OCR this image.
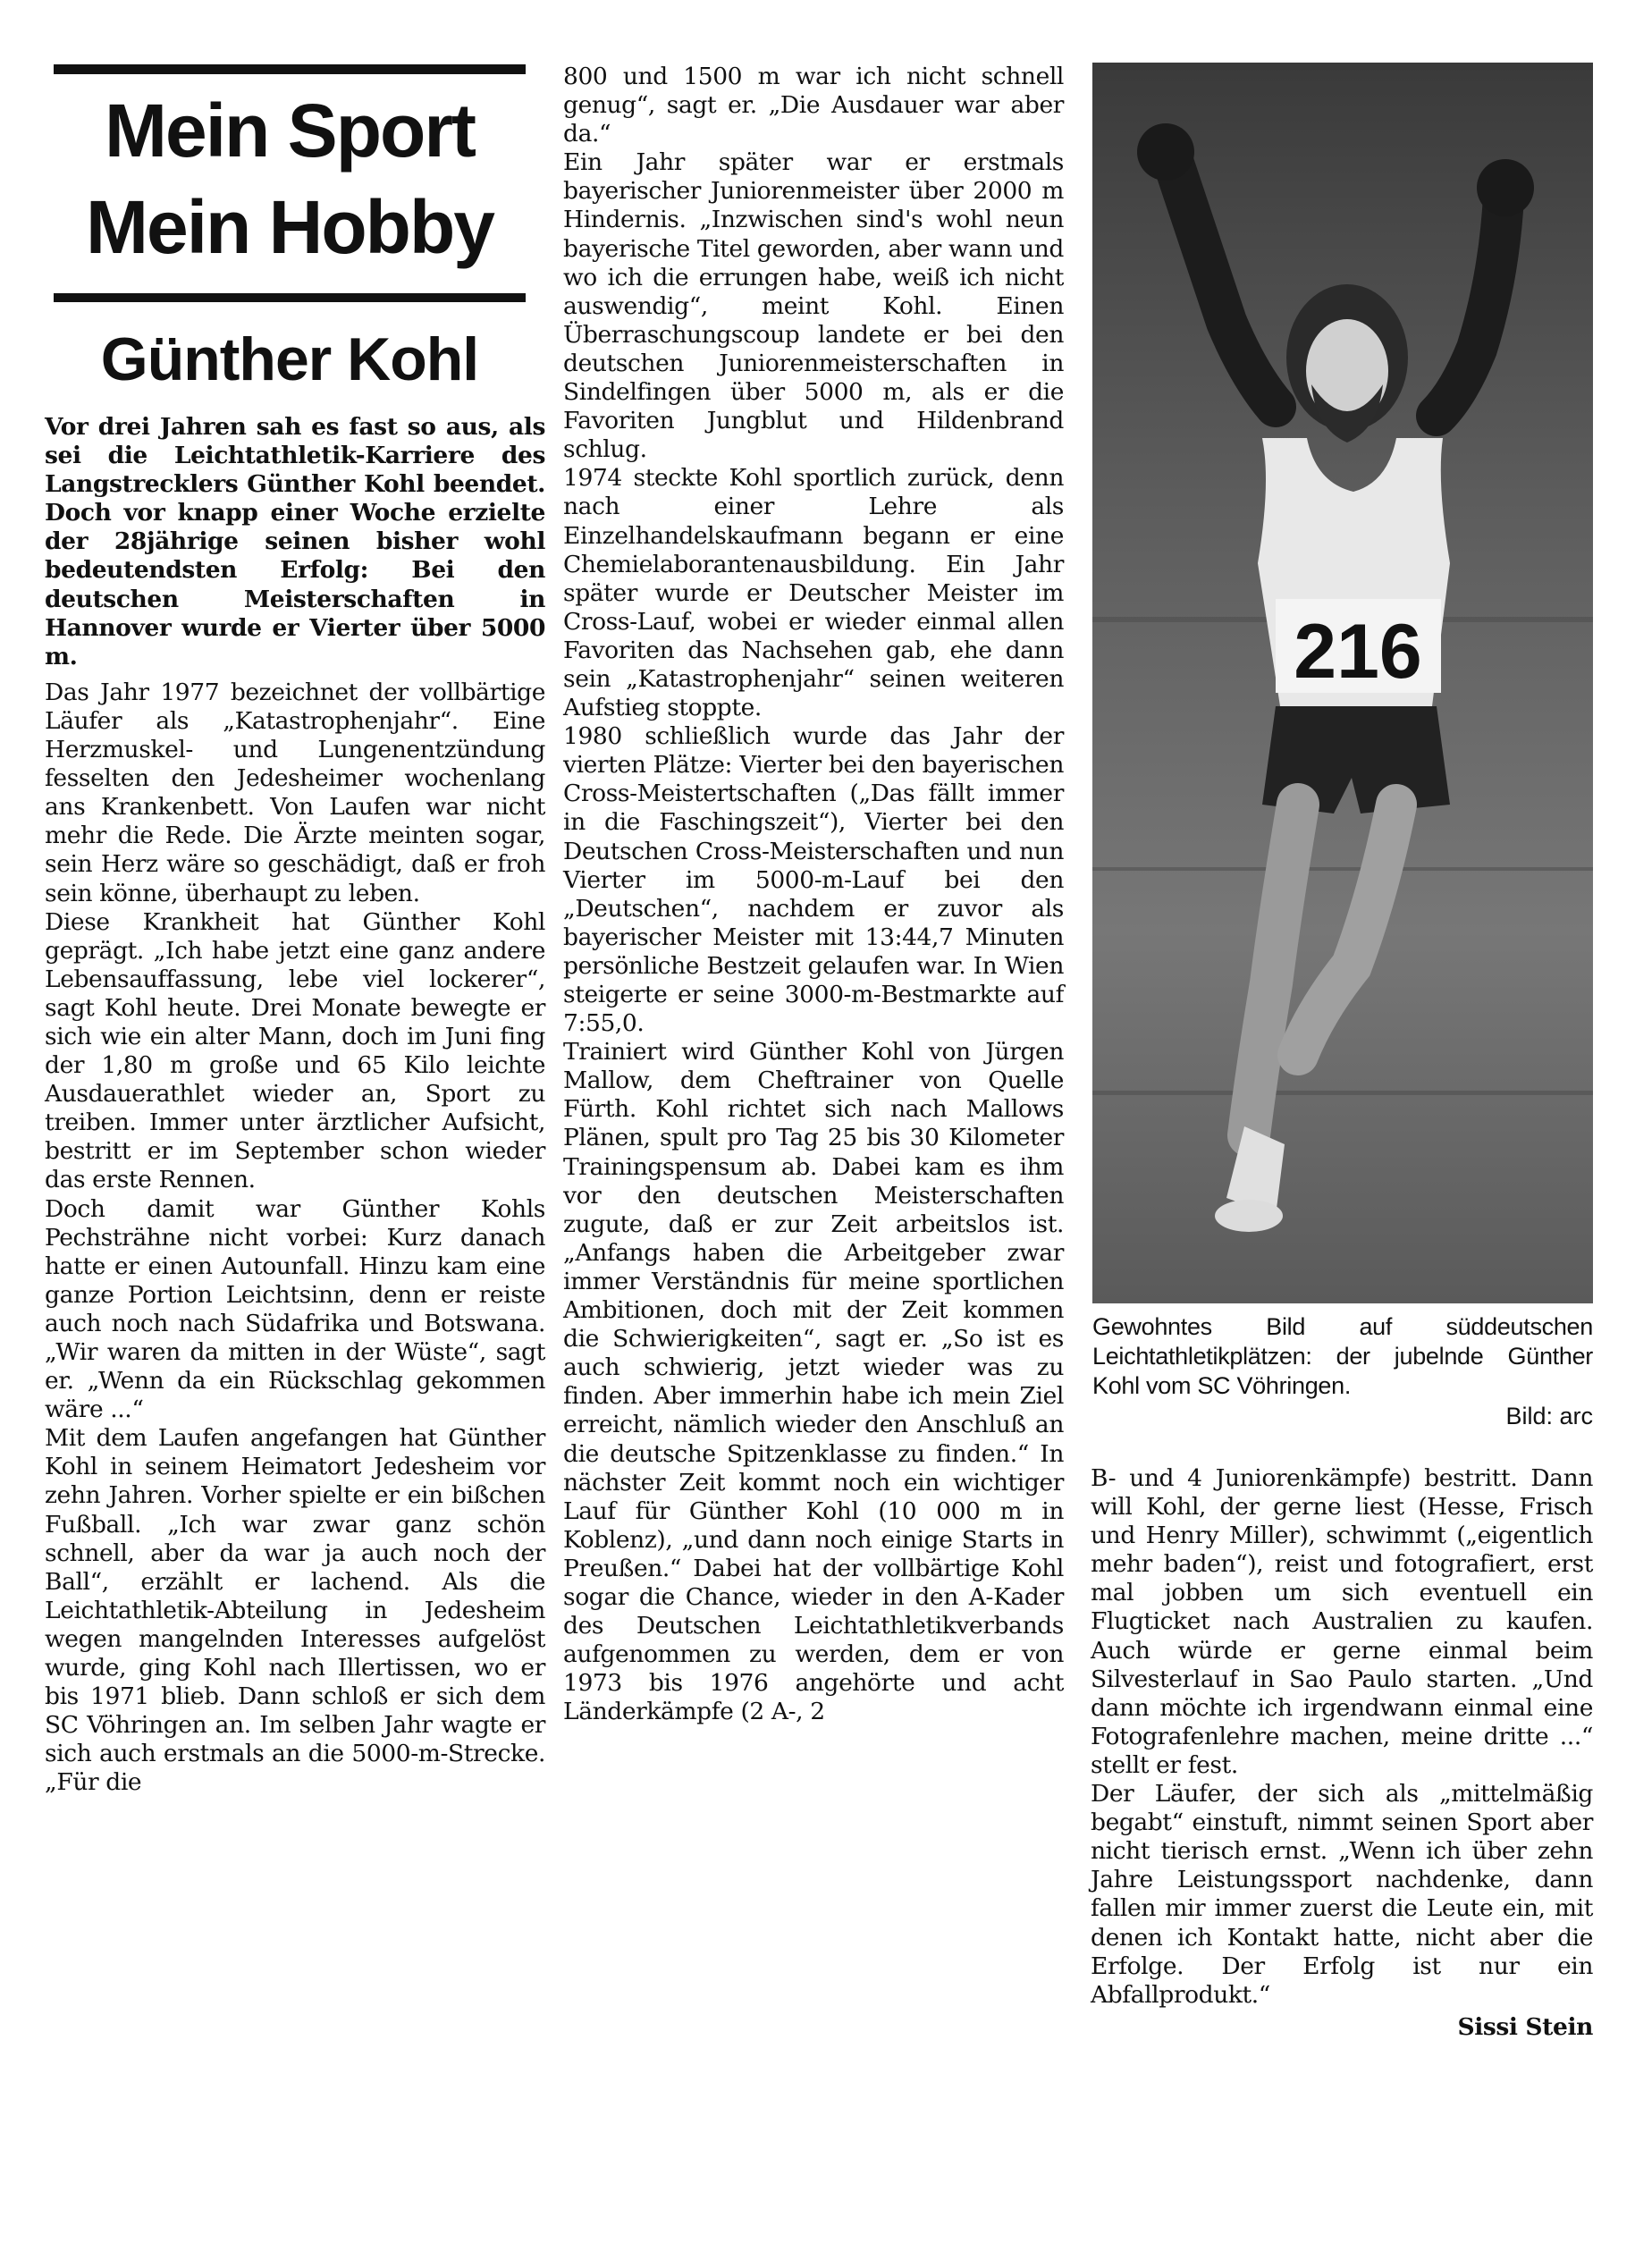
Mein Sport
Mein Hobby
Günther Kohl

Vor drei Jahren sah es fast so aus, als sei die Leichtathletik-Karriere des Langstrecklers Günther Kohl beendet. Doch vor knapp einer Woche erzielte der 28jährige seinen bisher wohl bedeutendsten Erfolg: Bei den deutschen Meisterschaften in Hannover wurde er Vierter über 5000 m.

Das Jahr 1977 bezeichnet der vollbärtige Läufer als „Katastrophenjahr“. Eine Herzmuskel- und Lungenentzündung fesselten den Jedesheimer wochenlang ans Krankenbett. Von Laufen war nicht mehr die Rede. Die Ärzte meinten sogar, sein Herz wäre so geschädigt, daß er froh sein könne, überhaupt zu leben.

Diese Krankheit hat Günther Kohl geprägt. „Ich habe jetzt eine ganz andere Lebensauffassung, lebe viel lockerer“, sagt Kohl heute. Drei Monate bewegte er sich wie ein alter Mann, doch im Juni fing der 1,80 m große und 65 Kilo leichte Ausdauerathlet wieder an, Sport zu treiben. Immer unter ärztlicher Aufsicht, bestritt er im September schon wieder das erste Rennen.

Doch damit war Günther Kohls Pechsträhne nicht vorbei: Kurz danach hatte er einen Autounfall. Hinzu kam eine ganze Portion Leichtsinn, denn er reiste auch noch nach Südafrika und Botswana. „Wir waren da mitten in der Wüste“, sagt er. „Wenn da ein Rückschlag gekommen wäre ...“

Mit dem Laufen angefangen hat Günther Kohl in seinem Heimatort Jedesheim vor zehn Jahren. Vorher spielte er ein bißchen Fußball. „Ich war zwar ganz schön schnell, aber da war ja auch noch der Ball“, erzählt er lachend. Als die Leichtathletik-Abteilung in Jedesheim wegen mangelnden Interesses aufgelöst wurde, ging Kohl nach Illertissen, wo er bis 1971 blieb. Dann schloß er sich dem SC Vöhringen an. Im selben Jahr wagte er sich auch erstmals an die 5000-m-Strecke. „Für die

800 und 1500 m war ich nicht schnell genug“, sagt er. „Die Ausdauer war aber da.“

Ein Jahr später war er erstmals bayerischer Juniorenmeister über 2000 m Hindernis. „Inzwischen sind's wohl neun bayerische Titel geworden, aber wann und wo ich die errungen habe, weiß ich nicht auswendig“, meint Kohl. Einen Überraschungscoup landete er bei den deutschen Juniorenmeisterschaften in Sindelfingen über 5000 m, als er die Favoriten Jungblut und Hildenbrand schlug.

1974 steckte Kohl sportlich zurück, denn nach einer Lehre als Einzelhandelskaufmann begann er eine Chemielaborantenausbildung. Ein Jahr später wurde er Deutscher Meister im Cross-Lauf, wobei er wieder einmal allen Favoriten das Nachsehen gab, ehe dann sein „Katastrophenjahr“ seinen weiteren Aufstieg stoppte.

1980 schließlich wurde das Jahr der vierten Plätze: Vierter bei den bayerischen Cross-Meistertschaften („Das fällt immer in die Faschingszeit“), Vierter bei den Deutschen Cross-Meisterschaften und nun Vierter im 5000-m-Lauf bei den „Deutschen“, nachdem er zuvor als bayerischer Meister mit 13:44,7 Minuten persönliche Bestzeit gelaufen war. In Wien steigerte er seine 3000-m-Bestmarkte auf 7:55,0.

Trainiert wird Günther Kohl von Jürgen Mallow, dem Cheftrainer von Quelle Fürth. Kohl richtet sich nach Mallows Plänen, spult pro Tag 25 bis 30 Kilometer Trainingspensum ab. Dabei kam es ihm vor den deutschen Meisterschaften zugute, daß er zur Zeit arbeitslos ist. „Anfangs haben die Arbeitgeber zwar immer Verständnis für meine sportlichen Ambitionen, doch mit der Zeit kommen die Schwierigkeiten“, sagt er. „So ist es auch schwierig, jetzt wieder was zu finden. Aber immerhin habe ich mein Ziel erreicht, nämlich wieder den Anschluß an die deutsche Spitzenklasse zu finden.“ In nächster Zeit kommt noch ein wichtiger Lauf für Günther Kohl (10 000 m in Koblenz), „und dann noch einige Starts in Preußen.“ Dabei hat der vollbärtige Kohl sogar die Chance, wieder in den A-Kader des Deutschen Leichtathletikverbands aufgenommen zu werden, dem er von 1973 bis 1976 angehörte und acht Länderkämpfe (2 A-, 2

216
Gewohntes Bild auf süddeutschen Leichtathletikplätzen: der jubelnde Günther Kohl vom SC Vöhringen.
Bild: arc

B- und 4 Juniorenkämpfe) bestritt. Dann will Kohl, der gerne liest (Hesse, Frisch und Henry Miller), schwimmt („eigentlich mehr baden“), reist und fotografiert, erst mal jobben um sich eventuell ein Flugticket nach Australien zu kaufen. Auch würde er gerne einmal beim Silvesterlauf in Sao Paulo starten. „Und dann möchte ich irgendwann einmal eine Fotografenlehre machen, meine dritte ...“ stellt er fest.

Der Läufer, der sich als „mittelmäßig begabt“ einstuft, nimmt seinen Sport aber nicht tierisch ernst. „Wenn ich über zehn Jahre Leistungssport nachdenke, dann fallen mir immer zuerst die Leute ein, mit denen ich Kontakt hatte, nicht aber die Erfolge. Der Erfolg ist nur ein Abfallprodukt.“

Sissi Stein
